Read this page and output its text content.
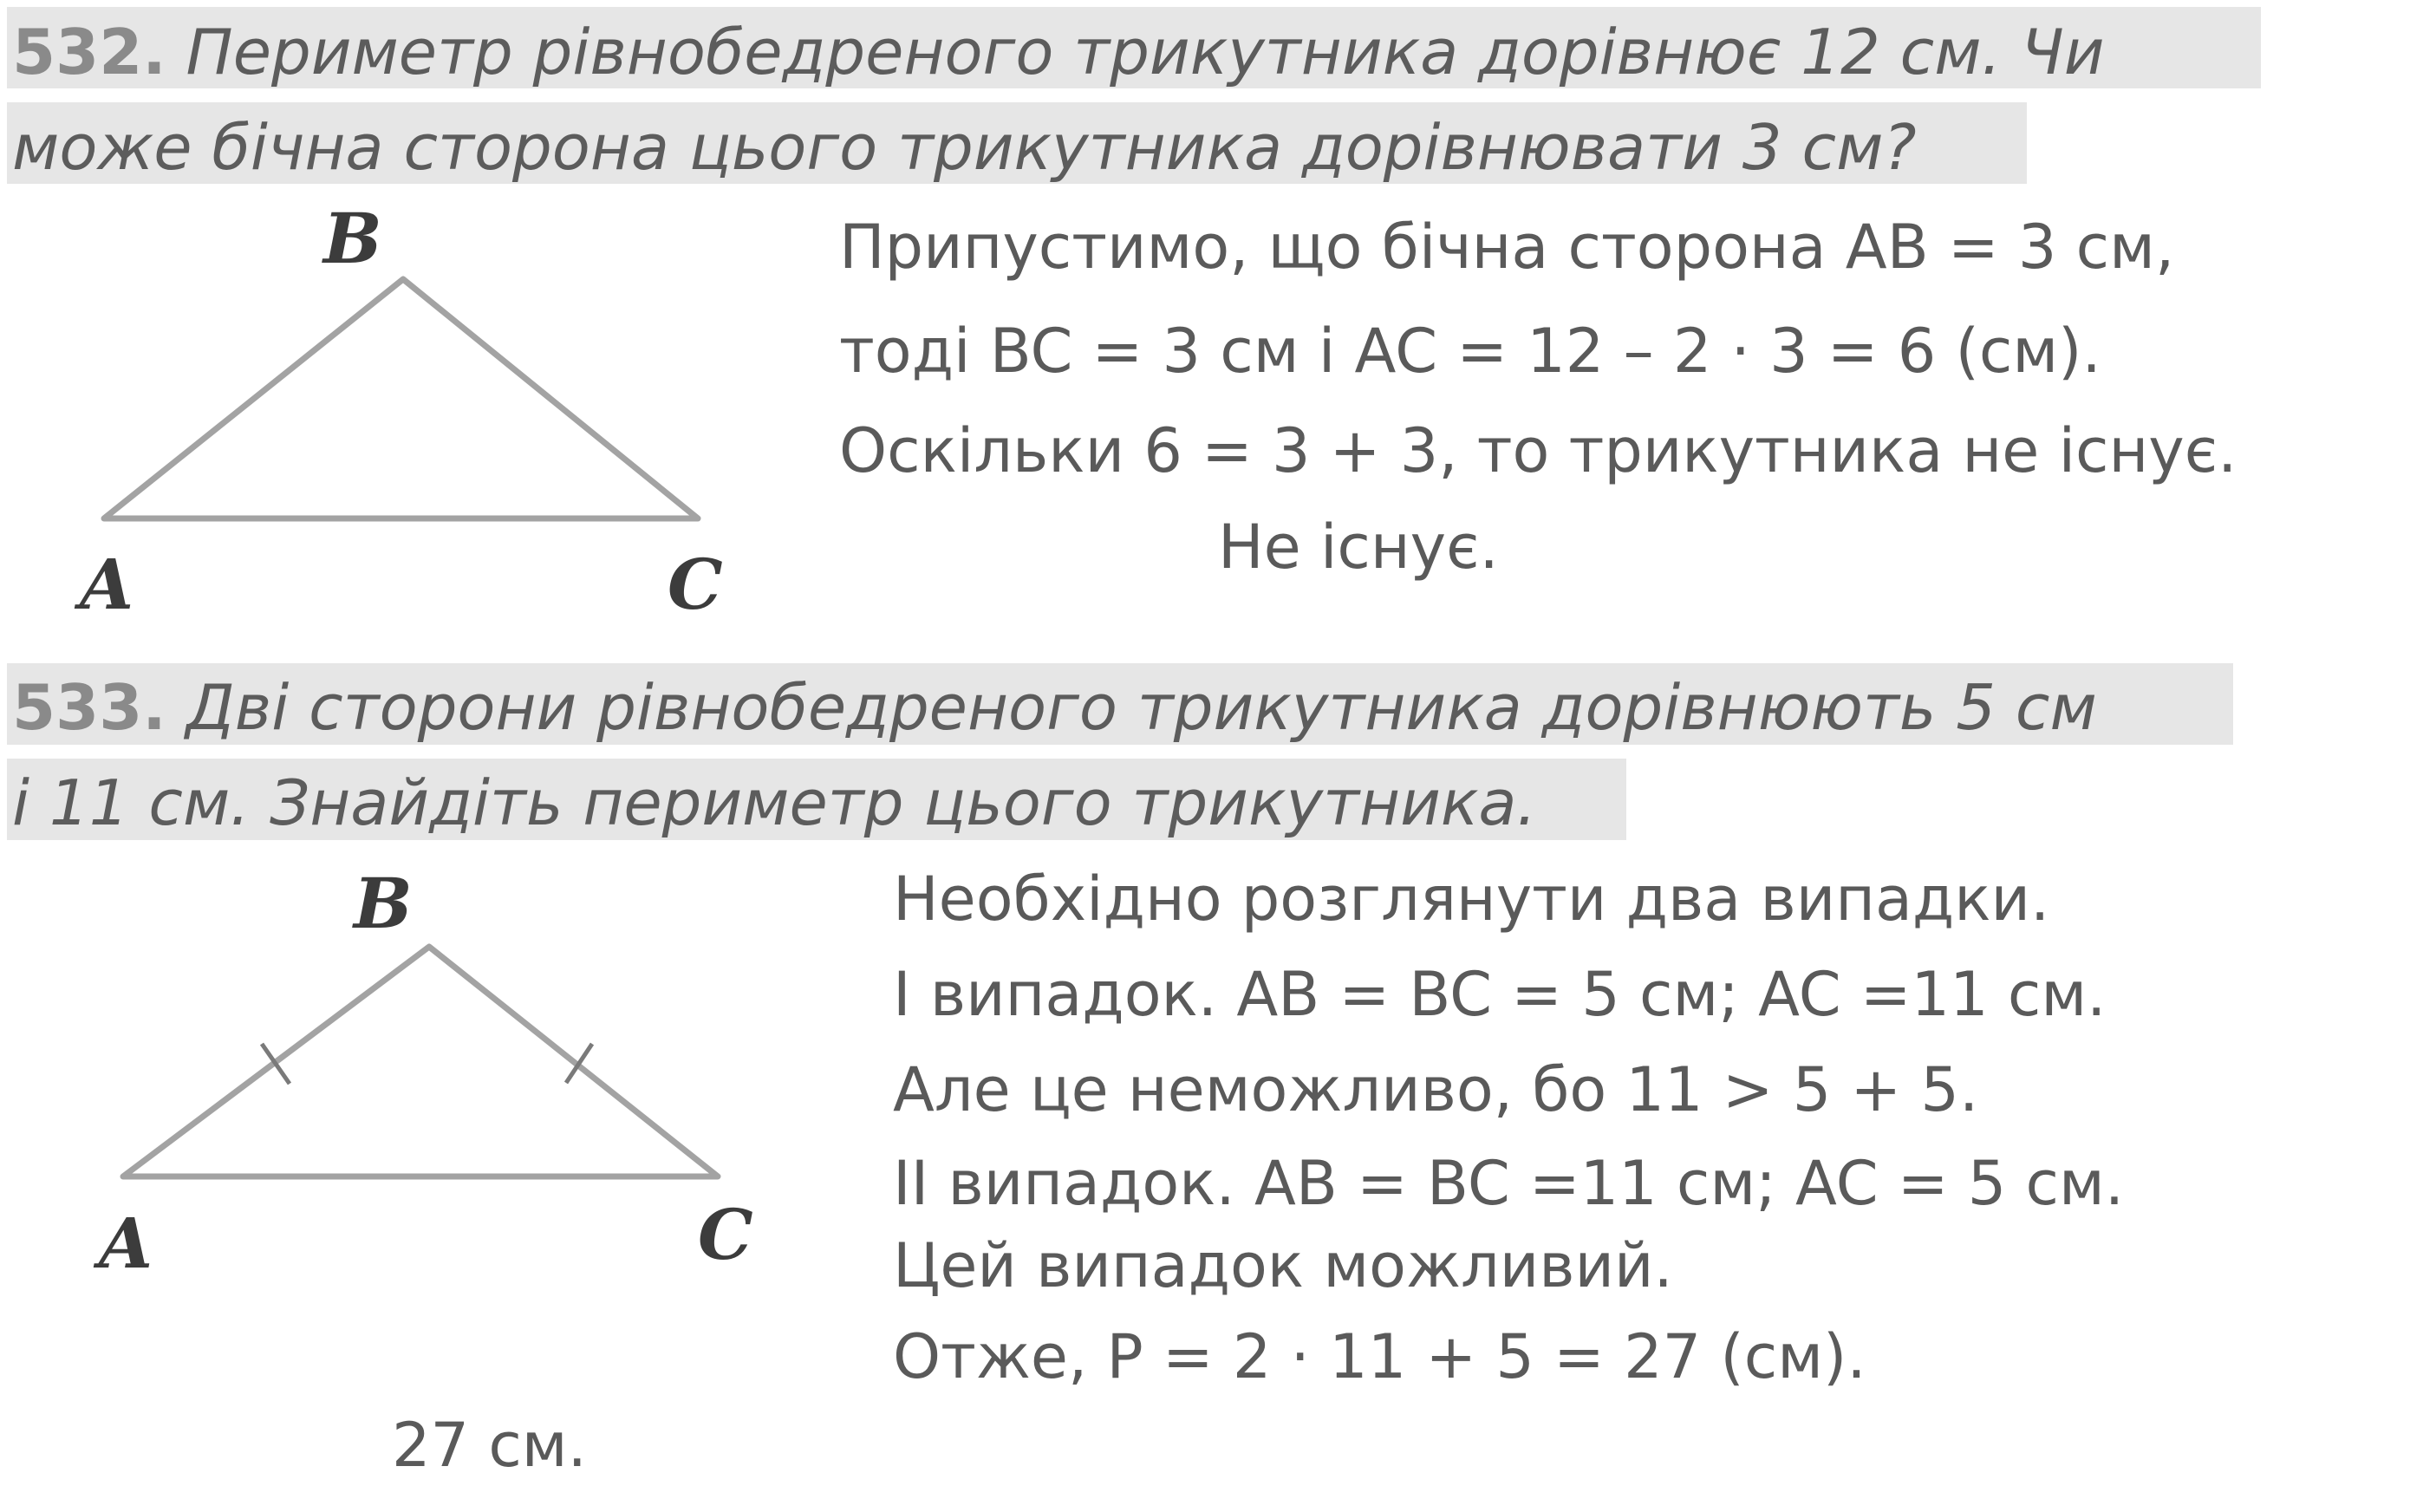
532. Периметр рівнобедреного трикутника дорівнює 12 см. Чи
може бічна сторона цього трикутника дорівнювати 3 см?
B
A	C
Припустимо, що бічна сторона AB = 3 см,
тоді BC = 3 см і AC = 12 – 2 · 3 = 6 (см).
Оскільки 6 = 3 + 3, то трикутника не існує.
Не існує.
533. Дві сторони рівнобедреного трикутника дорівнюють 5 см
і 11 см. Знайдіть периметр цього трикутника.
B
A	C
Необхідно розглянути два випадки.
I випадок. AB = BC = 5 см; AC =11 см.
Але це неможливо, бо 11 > 5 + 5.
II випадок. AB = BC =11 см; AC = 5 см.
Цей випадок можливий.
Отже, P = 2 · 11 + 5 = 27 (см).
27 см.
